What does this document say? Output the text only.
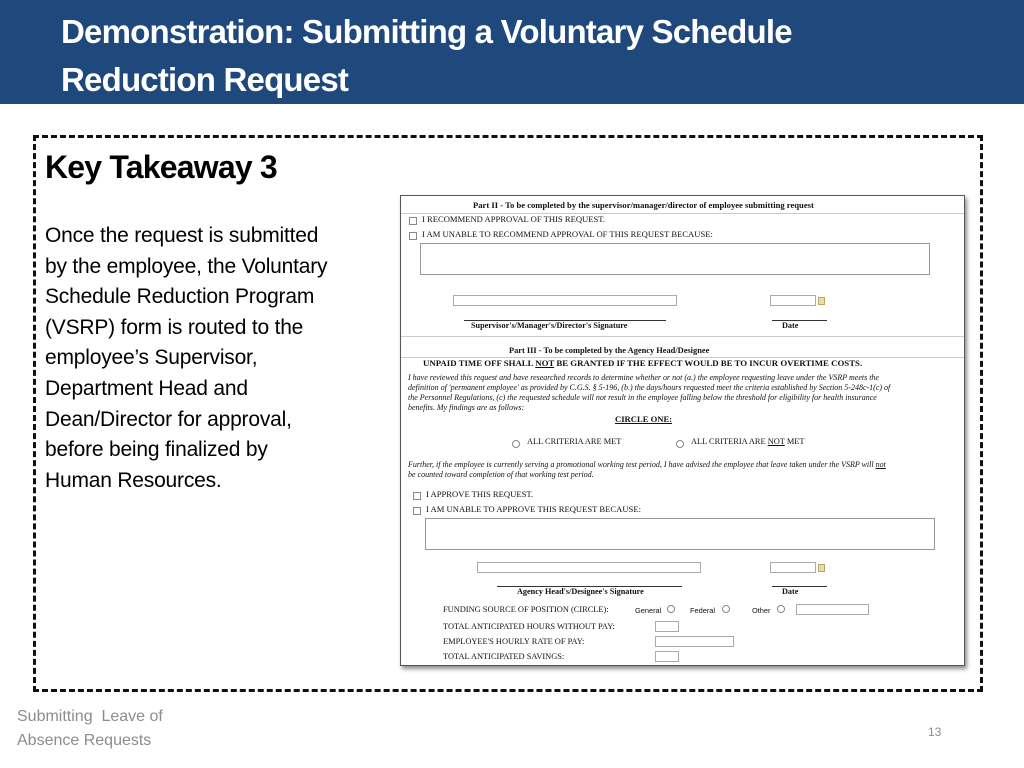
Demonstration: Submitting a Voluntary Schedule
Reduction Request
Key Takeaway 3
Once the request is submitted
by the employee, the Voluntary
Schedule Reduction Program
(VSRP) form is routed to the
employee’s Supervisor,
Department Head and
Dean/Director for approval,
before being finalized by
Human Resources.
Part II - To be completed by the supervisor/manager/director of employee submitting request
I RECOMMEND APPROVAL OF THIS REQUEST.
I AM UNABLE TO RECOMMEND APPROVAL OF THIS REQUEST BECAUSE:
Supervisor's/Manager's/Director's Signature	Date
Part III - To be completed by the Agency Head/Designee
UNPAID TIME OFF SHALL NOT BE GRANTED IF THE EFFECT WOULD BE TO INCUR OVERTIME COSTS.
I have reviewed this request and have researched records to determine whether or not (a.) the employee requesting leave under the VSRP meets the
definition of 'permanent employee' as provided by C.G.S. § 5-196, (b.) the days/hours requested meet the criteria established by Section 5-248c-1(c) of
the Personnel Regulations, (c) the requested schedule will not result in the employee falling below the threshold for eligibility for health insurance
benefits. My findings are as follows:
CIRCLE ONE:
ALL CRITERIA ARE MET	ALL CRITERIA ARE NOT MET
Further, if the employee is currently serving a promotional working test period, I have advised the employee that leave taken under the VSRP will not
be counted toward completion of that working test period.
I APPROVE THIS REQUEST.
I AM UNABLE TO APPROVE THIS REQUEST BECAUSE:
Agency Head's/Designee's Signature	Date
FUNDING SOURCE OF POSITION (CIRCLE):	General	Federal	Other
TOTAL ANTICIPATED HOURS WITHOUT PAY:
EMPLOYEE'S HOURLY RATE OF PAY:
TOTAL ANTICIPATED SAVINGS:
Submitting  Leave of
Absence Requests	13
